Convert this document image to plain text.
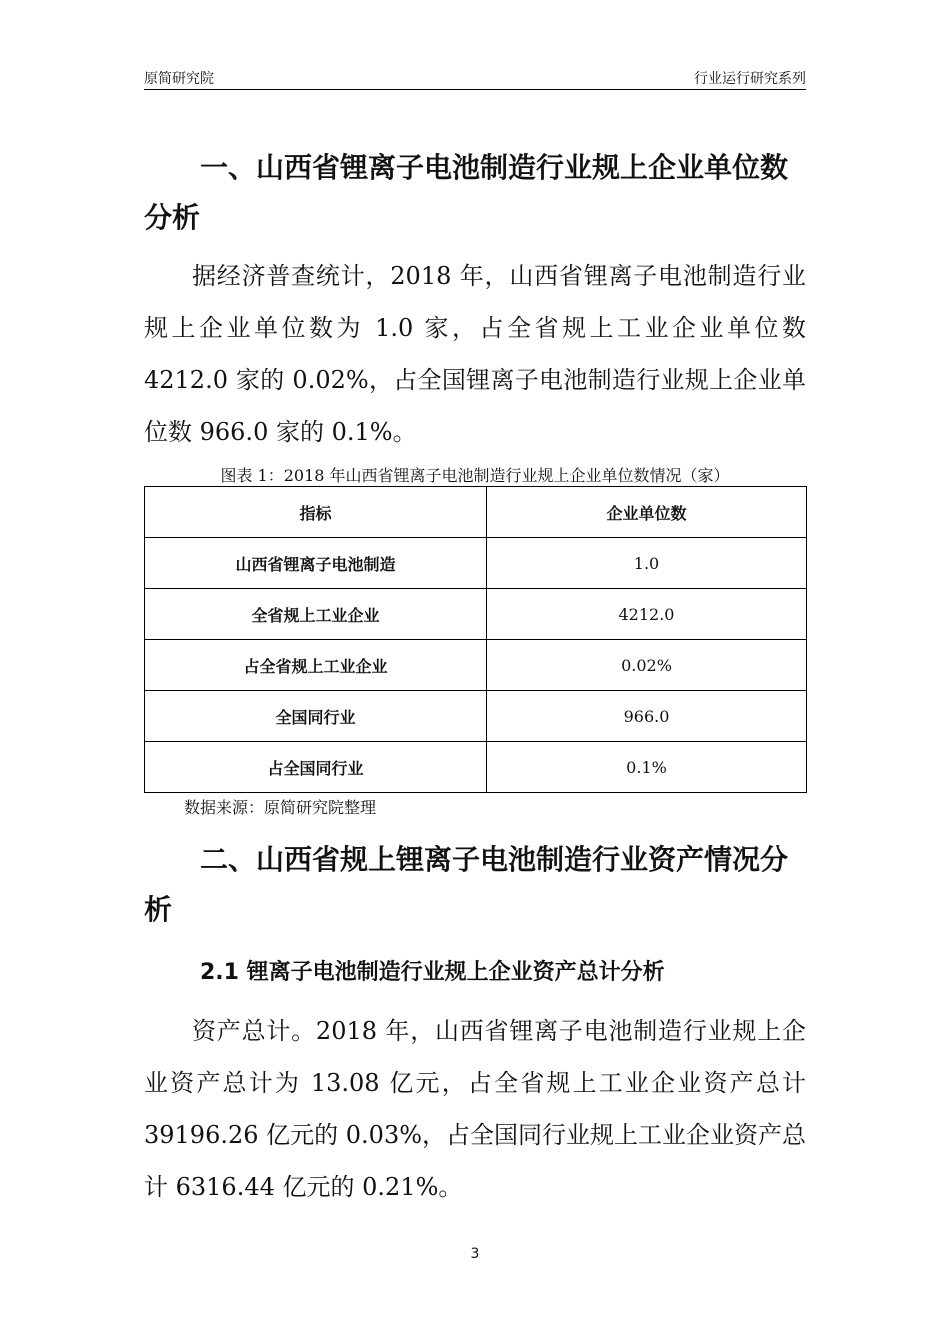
原简研究院	行业运行研究系列
一、山西省锂离子电池制造行业规上企业单位数分析
据经济普查统计，2018 年，山西省锂离子电池制造行业规上企业单位数为 1.0 家，占全省规上工业企业单位数 4212.0 家的 0.02%，占全国锂离子电池制造行业规上企业单位数 966.0 家的 0.1%。
图表 1：2018 年山西省锂离子电池制造行业规上企业单位数情况（家）
指标	企业单位数
山西省锂离子电池制造	1.0
全省规上工业企业	4212.0
占全省规上工业企业	0.02%
全国同行业	966.0
占全国同行业	0.1%
数据来源：原简研究院整理
二、山西省规上锂离子电池制造行业资产情况分析
2.1 锂离子电池制造行业规上企业资产总计分析
资产总计。2018 年，山西省锂离子电池制造行业规上企业资产总计为 13.08 亿元，占全省规上工业企业资产总计 39196.26 亿元的 0.03%，占全国同行业规上工业企业资产总计 6316.44 亿元的 0.21%。
3
